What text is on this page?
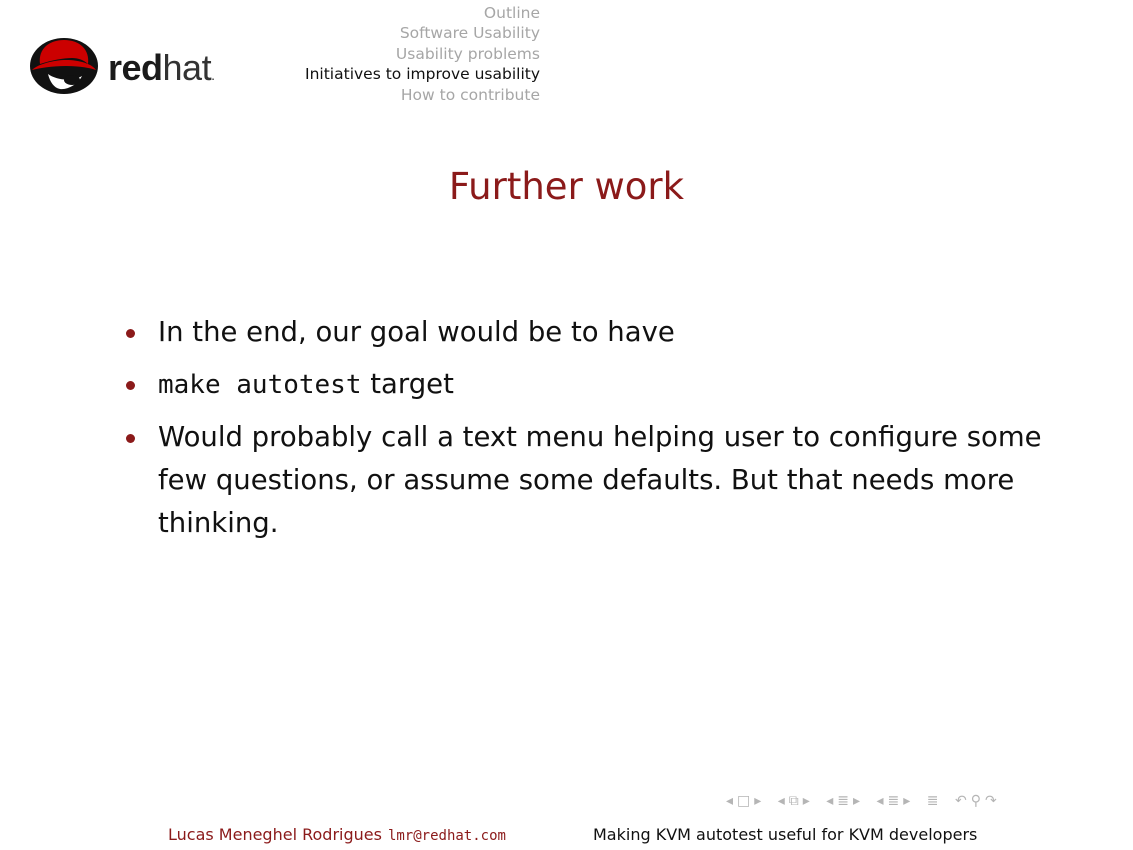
redhat.
Outline
Software Usability
Usability problems
Initiatives to improve usability
How to contribute
Further work
In the end, our goal would be to have
make autotest target
Would probably call a text menu helping user to configure some few questions, or assume some defaults. But that needs more thinking.
◂ □ ▸ ◂ ⧉ ▸ ◂ ≣ ▸ ◂ ≣ ▸ ≣ ↶ ⚲ ↷
Lucas Meneghel Rodrigues lmr@redhat.com	Making KVM autotest useful for KVM developers
